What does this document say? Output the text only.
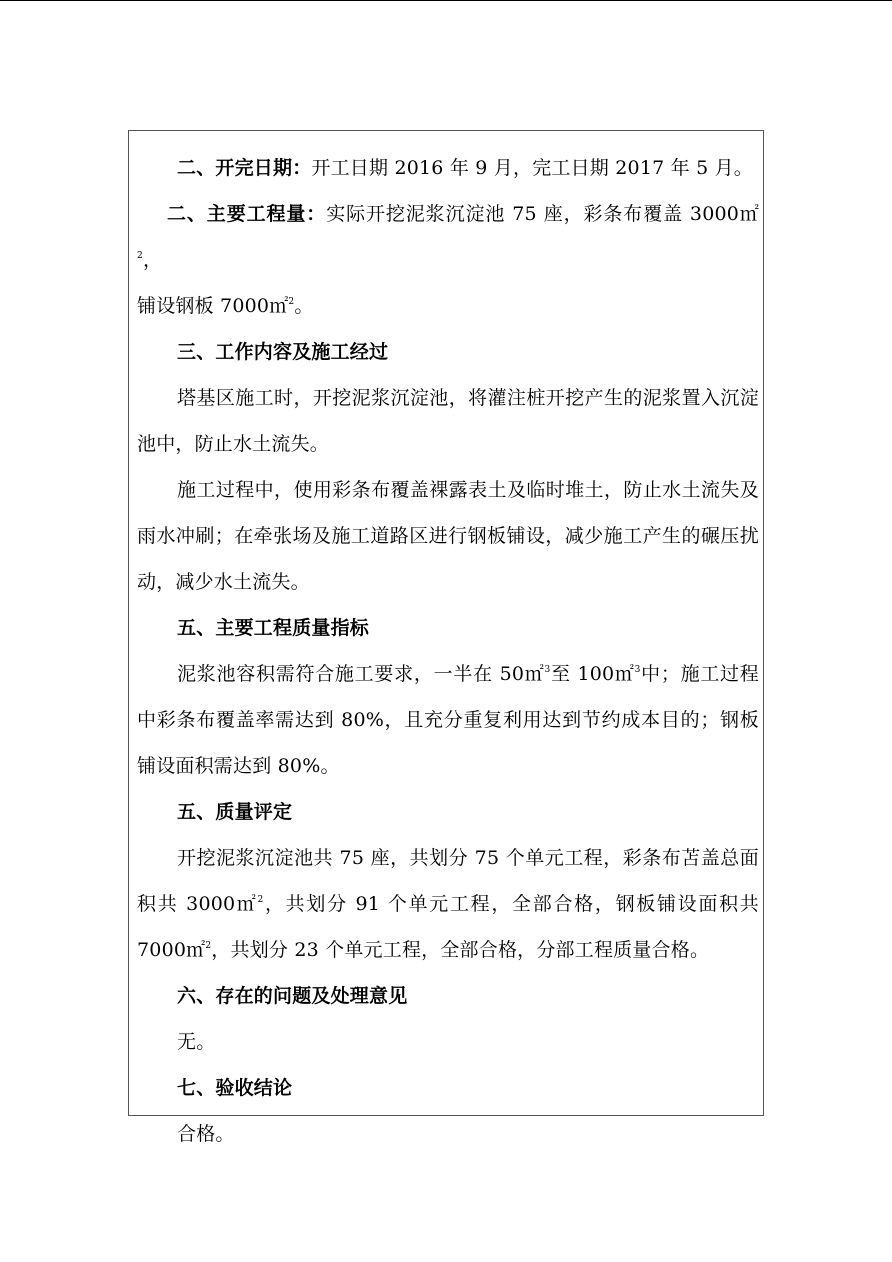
二、开完日期：开工日期 2016 年 9 月，完工日期 2017 年 5 月。

二、主要工程量：实际开挖泥浆沉淀池 75 座，彩条布覆盖 3000㎡$^2$，
铺设钢板 7000㎡$^2$。

三、工作内容及施工经过

塔基区施工时，开挖泥浆沉淀池，将灌注桩开挖产生的泥浆置入沉淀池中，防止水土流失。

施工过程中，使用彩条布覆盖裸露表土及临时堆土，防止水土流失及雨水冲刷；在牵张场及施工道路区进行钢板铺设，减少施工产生的碾压扰动，减少水土流失。

五、主要工程质量指标

泥浆池容积需符合施工要求，一半在 50㎡$^3$至 100㎡$^3$中；施工过程中彩条布覆盖率需达到 80%，且充分重复利用达到节约成本目的；钢板铺设面积需达到 80%。

五、质量评定

开挖泥浆沉淀池共 75 座，共划分 75 个单元工程，彩条布苫盖总面积共 3000㎡$^2$，共划分 91 个单元工程，全部合格，钢板铺设面积共 7000㎡$^2$，共划分 23 个单元工程，全部合格，分部工程质量合格。

六、存在的问题及处理意见

无。

七、验收结论

合格。
